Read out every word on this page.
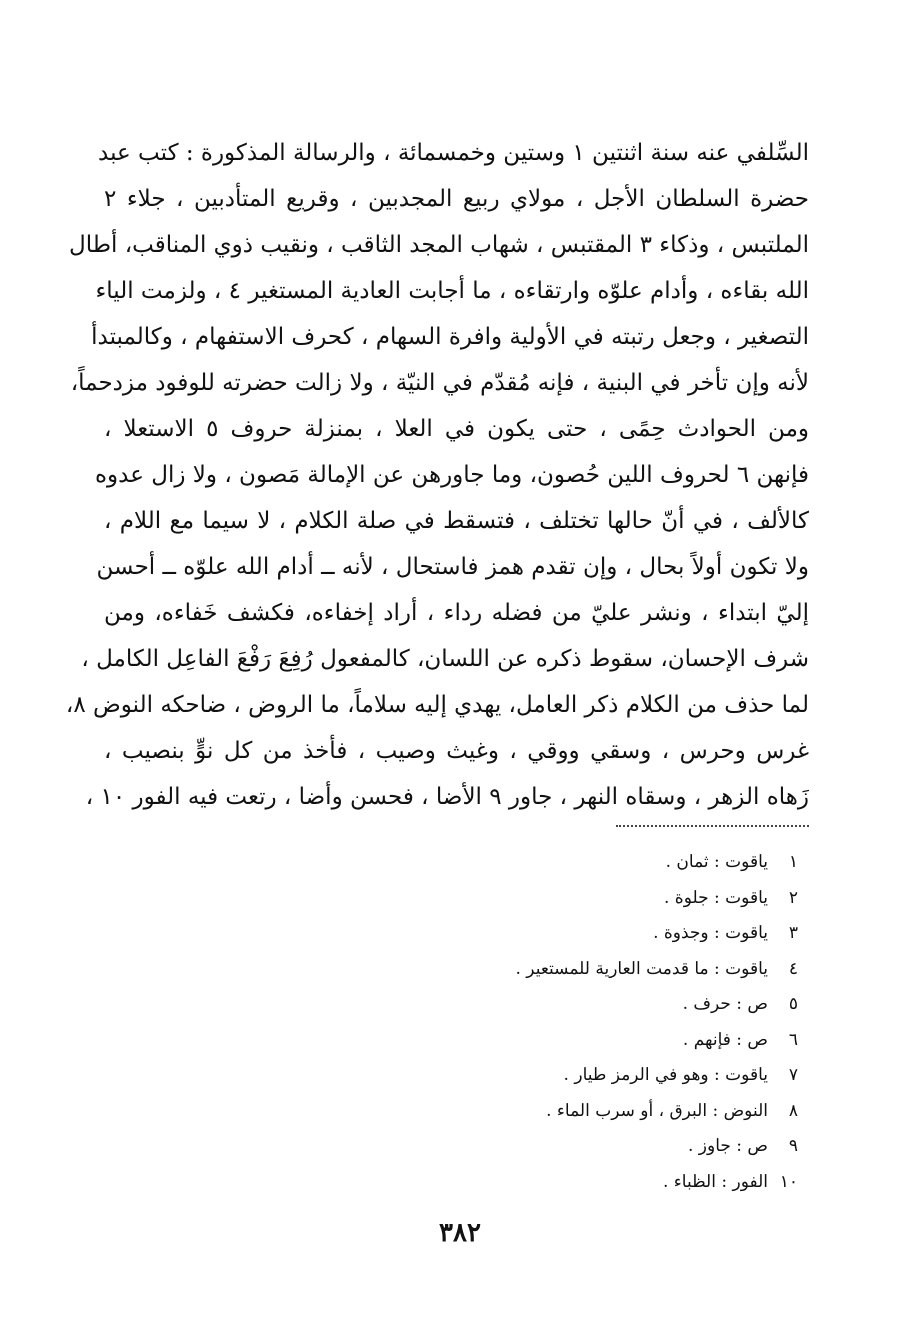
السِّلفي عنه سنة اثنتين ١ وستين وخمسمائة ، والرسالة المذكورة : كتب عبد
حضرة السلطان الأجل ، مولاي ربيع المجدبين ، وقريع المتأدبين ، جلاء ٢
الملتبس ، وذكاء ٣ المقتبس ، شهاب المجد الثاقب ، ونقيب ذوي المناقب، أطال
الله بقاءه ، وأدام علوّه وارتقاءه ، ما أجابت العادية المستغير ٤ ، ولزمت الياء
التصغير ، وجعل رتبته في الأولية وافرة السهام ، كحرف الاستفهام ، وكالمبتدأ
لأنه وإن تأخر في البنية ، فإنه مُقدّم في النيّة ، ولا زالت حضرته للوفود مزدحماً،
ومن الحوادث حِمًى ، حتى يكون في العلا ، بمنزلة حروف ٥ الاستعلا ،
فإنهن ٦ لحروف اللين حُصون، وما جاورهن عن الإمالة مَصون ، ولا زال عدوه
كالألف ، في أنّ حالها تختلف ، فتسقط في صلة الكلام ، لا سيما مع اللام ،
ولا تكون أولاً بحال ، وإن تقدم همز فاستحال ، لأنه ــ أدام الله علوّه ــ أحسن
إليّ ابتداء ، ونشر عليّ من فضله رداء ، أراد إخفاءه، فكشف خَفاءه، ومن
شرف الإحسان، سقوط ذكره عن اللسان، كالمفعول رُفِعَ رَفْعَ الفاعِل الكامل ،
لما حذف من الكلام ذكر العامل، يهدي إليه سلاماً، ما الروض ، ضاحكه النوض ٨،
غرس وحرس ، وسقي ووقي ، وغيث وصيب ، فأخذ من كل نوٍّ بنصيب ،
زَهاه الزهر ، وسقاه النهر ، جاور ٩ الأضا ، فحسن وأضا ، رتعت فيه الفور ١٠ ،
١ياقوت : ثمان .
٢ياقوت : جلوة .
٣ياقوت : وجذوة .
٤ياقوت : ما قدمت العارية للمستعير .
٥ص : حرف .
٦ص : فإنهم .
٧ياقوت : وهو في الرمز طيار .
٨النوض : البرق ، أو سرب الماء .
٩ص : جاوز .
١٠الفور : الظباء .
٣٨٢
